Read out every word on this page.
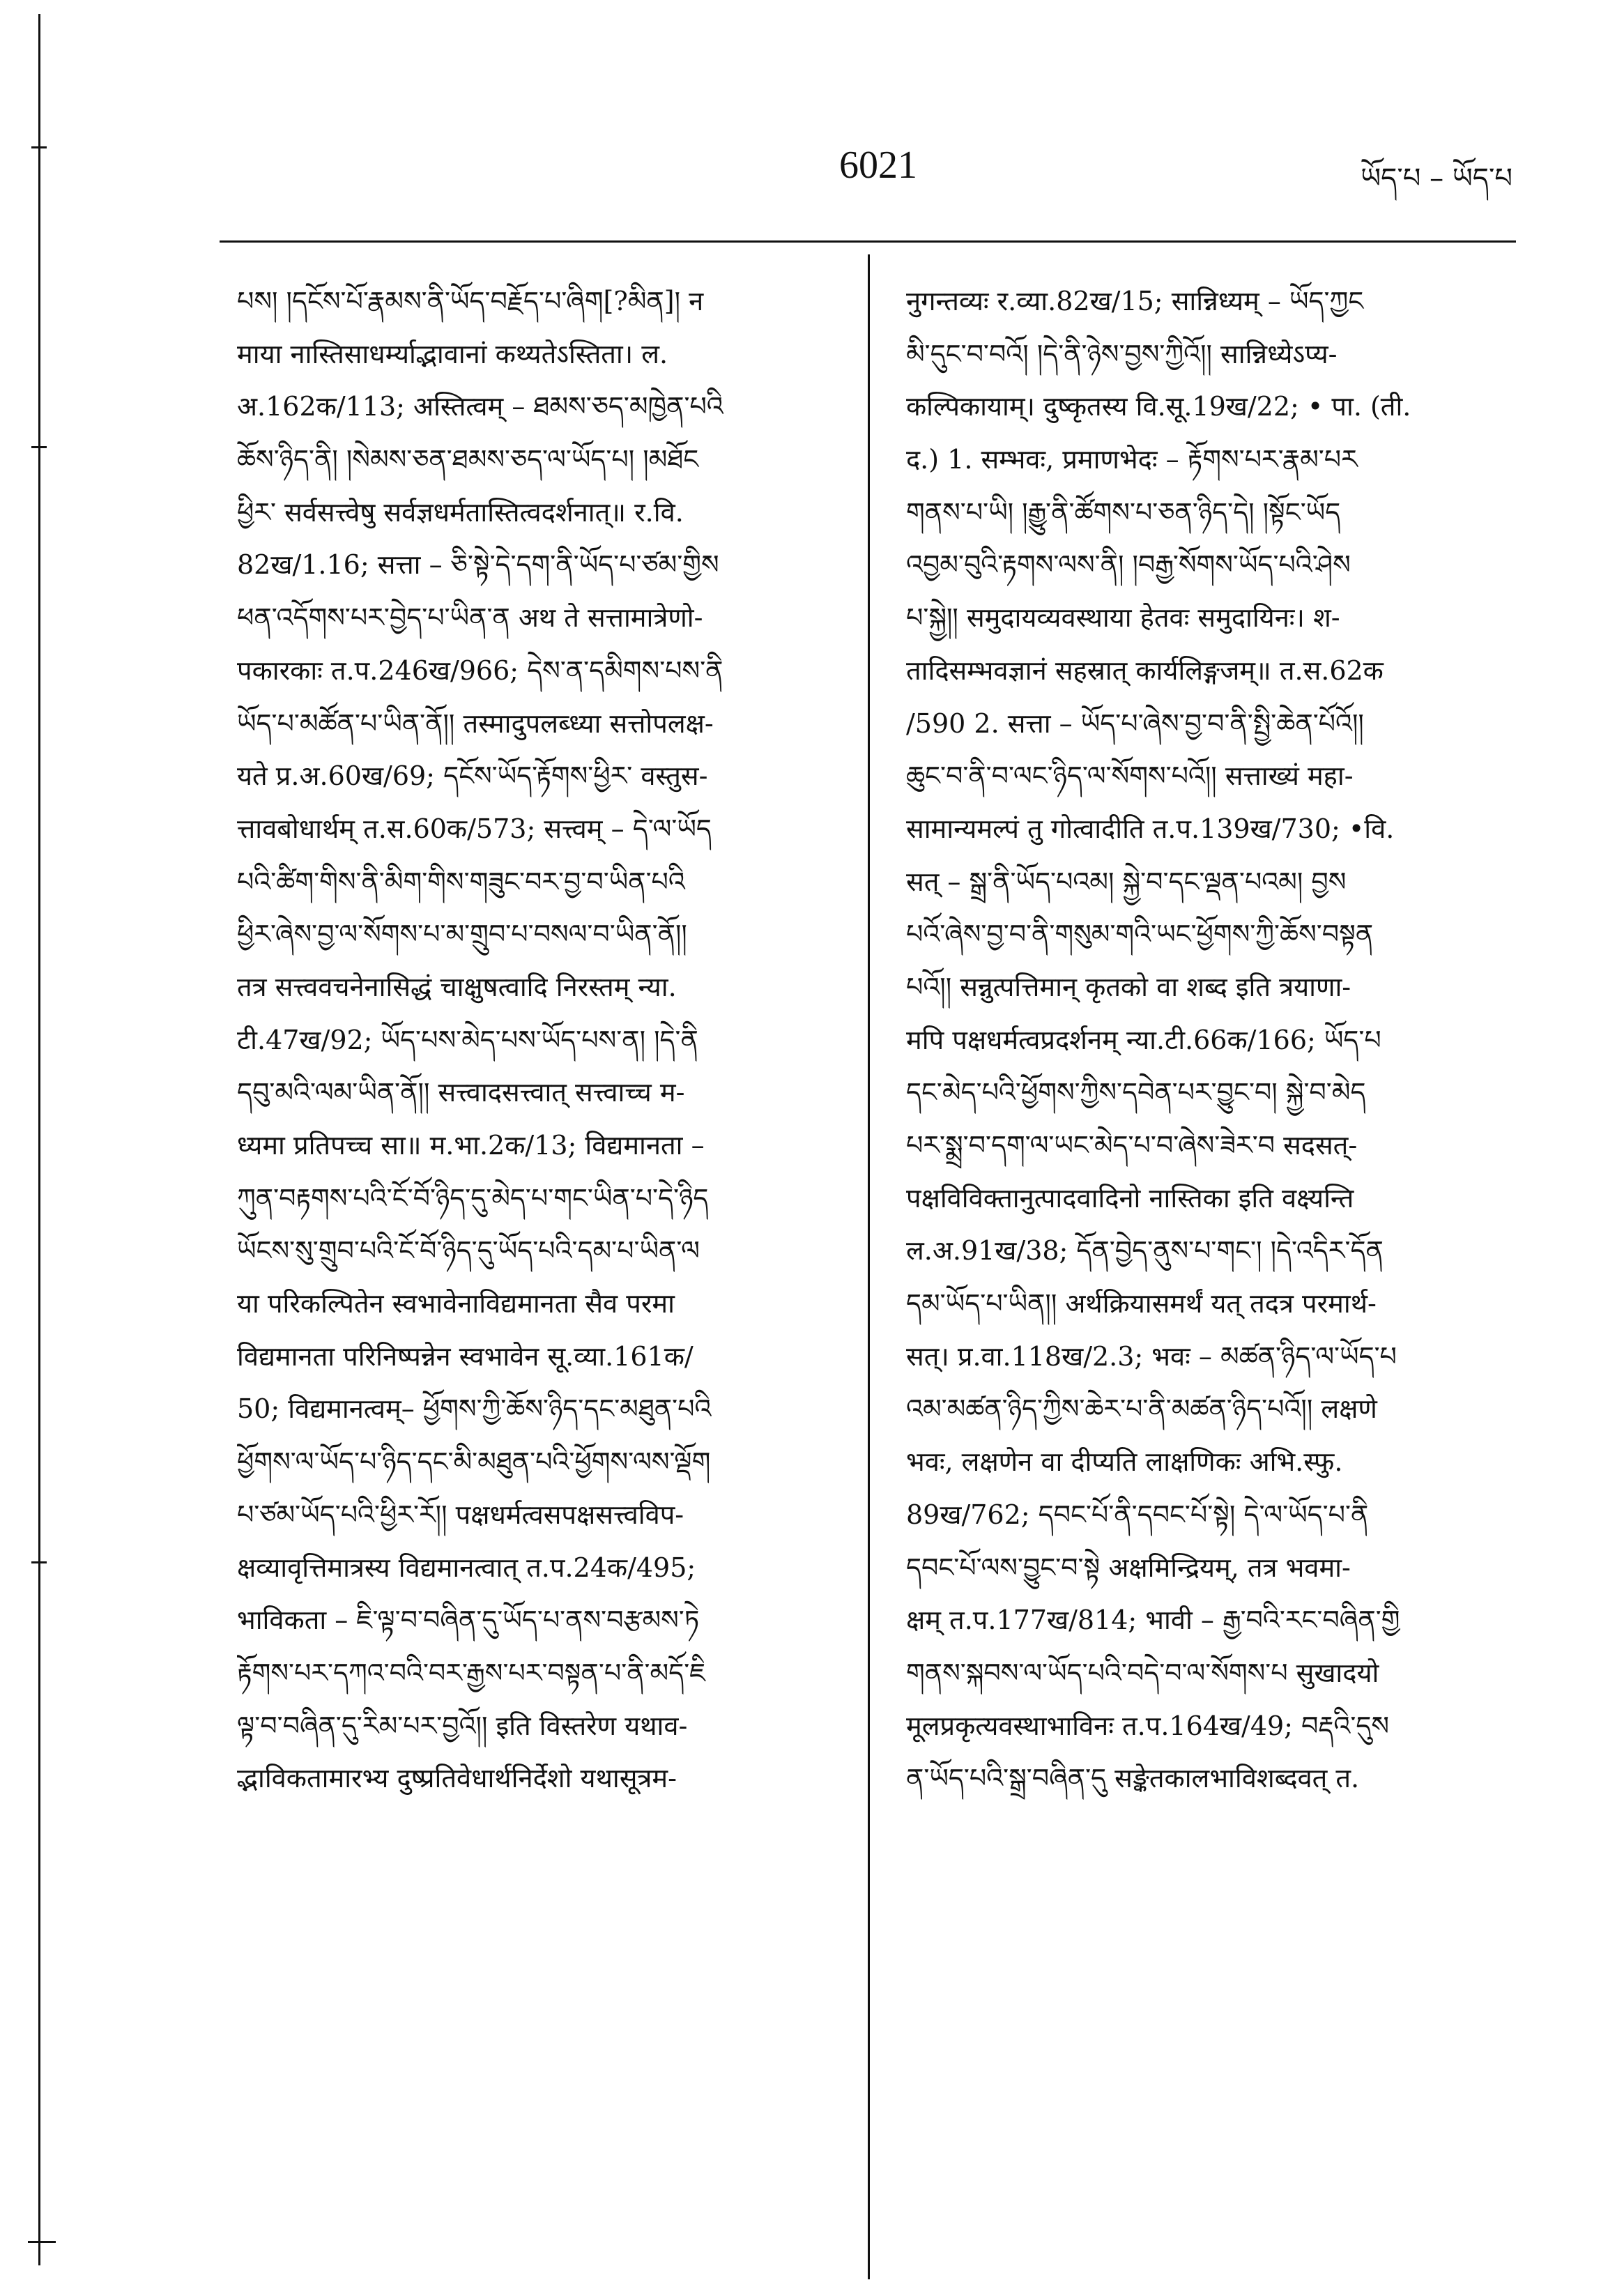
6021	ཡོད་པ – ཡོད་པ
པས། །དངོས་པོ་རྣམས་ནི་ཡོད་བརྗོད་པ་ཞིག[?མིན]། न
माया नास्तिसाधर्म्याद्भावानां कथ्यतेऽस्तिता। ल.
अ.162क/113; अस्तित्वम् – ཐམས་ཅད་མཁྱེན་པའི
ཆོས་ཉིད་ནི། །སེམས་ཅན་ཐམས་ཅད་ལ་ཡོད་པ། །མཐོང
ཕྱིར་ सर्वसत्त्वेषु सर्वज्ञधर्मतास्तित्वदर्शनात्॥ र.वि.
82ख/1.16; सत्ता – ཅི་སྟེ་དེ་དག་ནི་ཡོད་པ་ཙམ་གྱིས
ཕན་འདོགས་པར་བྱེད་པ་ཡིན་ན अथ ते सत्तामात्रेणो-
पकारकाः त.प.246ख/966; དེས་ན་དམིགས་པས་ནི
ཡོད་པ་མཚོན་པ་ཡིན་ནོ།། तस्मादुपलब्ध्या सत्तोपलक्ष-
यते प्र.अ.60ख/69; དངོས་ཡོད་རྟོགས་ཕྱིར་ वस्तुस-
त्तावबोधार्थम् त.स.60क/573; सत्त्वम् – དེ་ལ་ཡོད
པའི་ཚིག་གིས་ནི་མིག་གིས་གཟུང་བར་བྱ་བ་ཡིན་པའི
ཕྱིར་ཞེས་བྱ་ལ་སོགས་པ་མ་གྲུབ་པ་བསལ་བ་ཡིན་ནོ།།
तत्र सत्त्ववचनेनासिद्धं चाक्षुषत्वादि निरस्तम् न्या.
टी.47ख/92; ཡོད་པས་མེད་པས་ཡོད་པས་ན། །དེ་ནི
དབུ་མའི་ལམ་ཡིན་ནོ།། सत्त्वादसत्त्वात् सत्त्वाच्च म-
ध्यमा प्रतिपच्च सा॥ म.भा.2क/13; विद्यमानता –
ཀུན་བརྟགས་པའི་ངོ་བོ་ཉིད་དུ་མེད་པ་གང་ཡིན་པ་དེ་ཉིད
ཡོངས་སུ་གྲུབ་པའི་ངོ་བོ་ཉིད་དུ་ཡོད་པའི་དམ་པ་ཡིན་ལ
या परिकल्पितेन स्वभावेनाविद्यमानता सैव परमा
विद्यमानता परिनिष्पन्नेन स्वभावेन सू.व्या.161क/
50; विद्यमानत्वम्– ཕྱོགས་ཀྱི་ཆོས་ཉིད་དང་མཐུན་པའི
ཕྱོགས་ལ་ཡོད་པ་ཉིད་དང་མི་མཐུན་པའི་ཕྱོགས་ལས་ལྡོག
པ་ཙམ་ཡོད་པའི་ཕྱིར་རོ།། पक्षधर्मत्वसपक्षसत्त्वविप-
क्षव्यावृत्तिमात्रस्य विद्यमानत्वात् त.प.24क/495;
भाविकता – ཇི་ལྟ་བ་བཞིན་དུ་ཡོད་པ་ནས་བརྩམས་ཏེ
རྟོགས་པར་དཀའ་བའི་བར་རྒྱས་པར་བསྟན་པ་ནི་མདོ་ཇི
ལྟ་བ་བཞིན་དུ་རིམ་པར་བྱའོ།། इति विस्तरेण यथाव-
द्भाविकतामारभ्य दुष्प्रतिवेधार्थनिर्देशो यथासूत्रम-
नुगन्तव्यः र.व्या.82ख/15; सान्निध्यम् – ཡོད་ཀྱང
མི་དུང་བ་བའོ། །དེ་ནི་ཉེས་བྱས་ཀྱིའོ།། सान्निध्येऽप्य-
कल्पिकायाम्। दुष्कृतस्य वि.सू.19ख/22; • पा. (ती.
द.) 1. सम्भवः, प्रमाणभेदः – རྟོགས་པར་རྣམ་པར
གནས་པ་ཡི། །རྒྱུ་ནི་ཚོགས་པ་ཅན་ཉིད་དེ། །སྟོང་ཡོད
འབྱམ་བུའི་རྟགས་ལས་ནི། །བརྒྱ་སོགས་ཡོད་པའི་ཤེས
པ་སྐྱེ།། समुदायव्यवस्थाया हेतवः समुदायिनः। श-
तादिसम्भवज्ञानं सहस्रात् कार्यलिङ्गजम्॥ त.स.62क
/590 2. सत्ता – ཡོད་པ་ཞེས་བྱ་བ་ནི་སྤྱི་ཆེན་པོའོ།།
ཆུང་བ་ནི་བ་ལང་ཉིད་ལ་སོགས་པའོ།། सत्ताख्यं महा-
सामान्यमल्पं तु गोत्वादीति त.प.139ख/730; •वि.
सत् – སྒྲ་ནི་ཡོད་པའམ། སྐྱེ་བ་དང་ལྡན་པའམ། བྱས
པའོ་ཞེས་བྱ་བ་ནི་གསུམ་གའི་ཡང་ཕྱོགས་ཀྱི་ཆོས་བསྟན
པའོ།། सन्नुत्पत्तिमान् कृतको वा शब्द इति त्रयाणा-
मपि पक्षधर्मत्वप्रदर्शनम् न्या.टी.66क/166; ཡོད་པ
དང་མེད་པའི་ཕྱོགས་ཀྱིས་དབེན་པར་བྱུང་བ། སྐྱེ་བ་མེད
པར་སྨྲ་བ་དག་ལ་ཡང་མེད་པ་བ་ཞེས་ཟེར་བ सदसत्-
पक्षविविक्तानुत्पादवादिनो नास्तिका इति वक्ष्यन्ति
ल.अ.91ख/38; དོན་བྱེད་ནུས་པ་གང་། །དེ་འདིར་དོན
དམ་ཡོད་པ་ཡིན།། अर्थक्रियासमर्थं यत् तदत्र परमार्थ-
सत्। प्र.वा.118ख/2.3; भवः – མཚན་ཉིད་ལ་ཡོད་པ
འམ་མཚན་ཉིད་ཀྱིས་ཆེར་པ་ནི་མཚན་ཉིད་པའོ།། लक्षणे
भवः, लक्षणेन वा दीप्यति लाक्षणिकः अभि.स्फु.
89ख/762; དབང་པོ་ནི་དབང་པོ་སྟེ། དེ་ལ་ཡོད་པ་ནི
དབང་པོ་ལས་བྱུང་བ་སྟེ अक्षमिन्द्रियम्, तत्र भवमा-
क्षम् त.प.177ख/814; भावी – རྒྱ་བའི་རང་བཞིན་གྱི
གནས་སྐབས་ལ་ཡོད་པའི་བདེ་བ་ལ་སོགས་པ सुखादयो
मूलप्रकृत्यवस्थाभाविनः त.प.164ख/49; བརྡའི་དུས
ན་ཡོད་པའི་སྒྲ་བཞིན་དུ सङ्केतकालभाविशब्दवत् त.
